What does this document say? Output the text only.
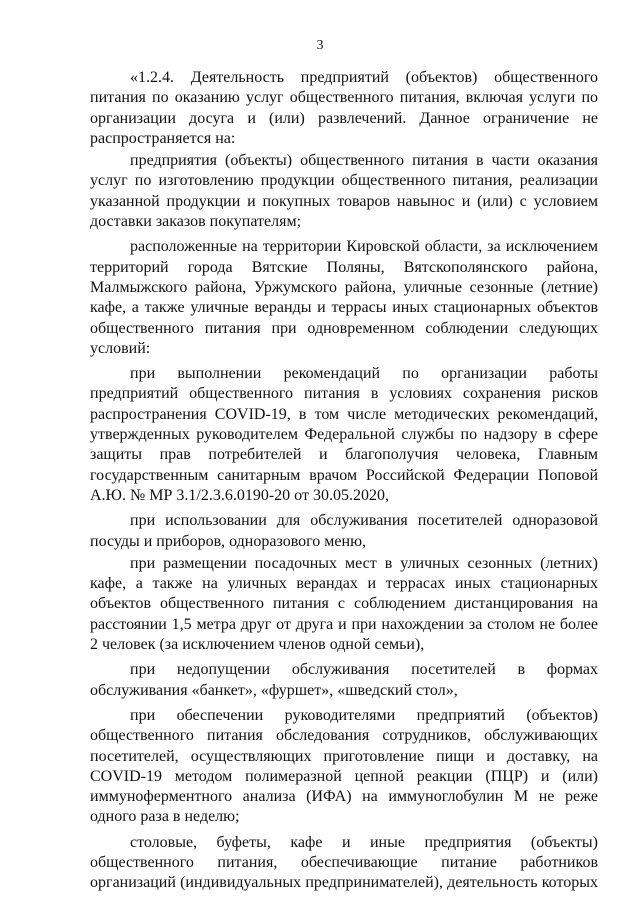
3

«1.2.4. Деятельность предприятий (объектов) общественного питания по оказанию услуг общественного питания, включая услуги по организации досуга и (или) развлечений. Данное ограничение не распространяется на:

предприятия (объекты) общественного питания в части оказания услуг по изготовлению продукции общественного питания, реализации указанной продукции и покупных товаров навынос и (или) с условием доставки заказов покупателям;

расположенные на территории Кировской области, за исключением территорий города Вятские Поляны, Вятскополянского района, Малмыжского района, Уржумского района, уличные сезонные (летние) кафе, а также уличные веранды и террасы иных стационарных объектов общественного питания при одновременном соблюдении следующих условий:

при выполнении рекомендаций по организации работы предприятий общественного питания в условиях сохранения рисков распространения COVID-19, в том числе методических рекомендаций, утвержденных руководителем Федеральной службы по надзору в сфере защиты прав потребителей и благополучия человека, Главным государственным санитарным врачом Российской Федерации Поповой А.Ю. № МР 3.1/2.3.6.0190-20 от 30.05.2020,

при использовании для обслуживания посетителей одноразовой посуды и приборов, одноразового меню,

при размещении посадочных мест в уличных сезонных (летних) кафе, а также на уличных верандах и террасах иных стационарных объектов общественного питания с соблюдением дистанцирования на расстоянии 1,5 метра друг от друга и при нахождении за столом не более 2 человек (за исключением членов одной семьи),

при недопущении обслуживания посетителей в формах обслуживания «банкет», «фуршет», «шведский стол»,

при обеспечении руководителями предприятий (объектов) общественного питания обследования сотрудников, обслуживающих посетителей, осуществляющих приготовление пищи и доставку, на COVID-19 методом полимеразной цепной реакции (ПЦР) и (или) иммуноферментного анализа (ИФА) на иммуноглобулин М не реже одного раза в неделю;

столовые, буфеты, кафе и иные предприятия (объекты) общественного питания, обеспечивающие питание работников организаций (индивидуальных предпринимателей), деятельность которых
